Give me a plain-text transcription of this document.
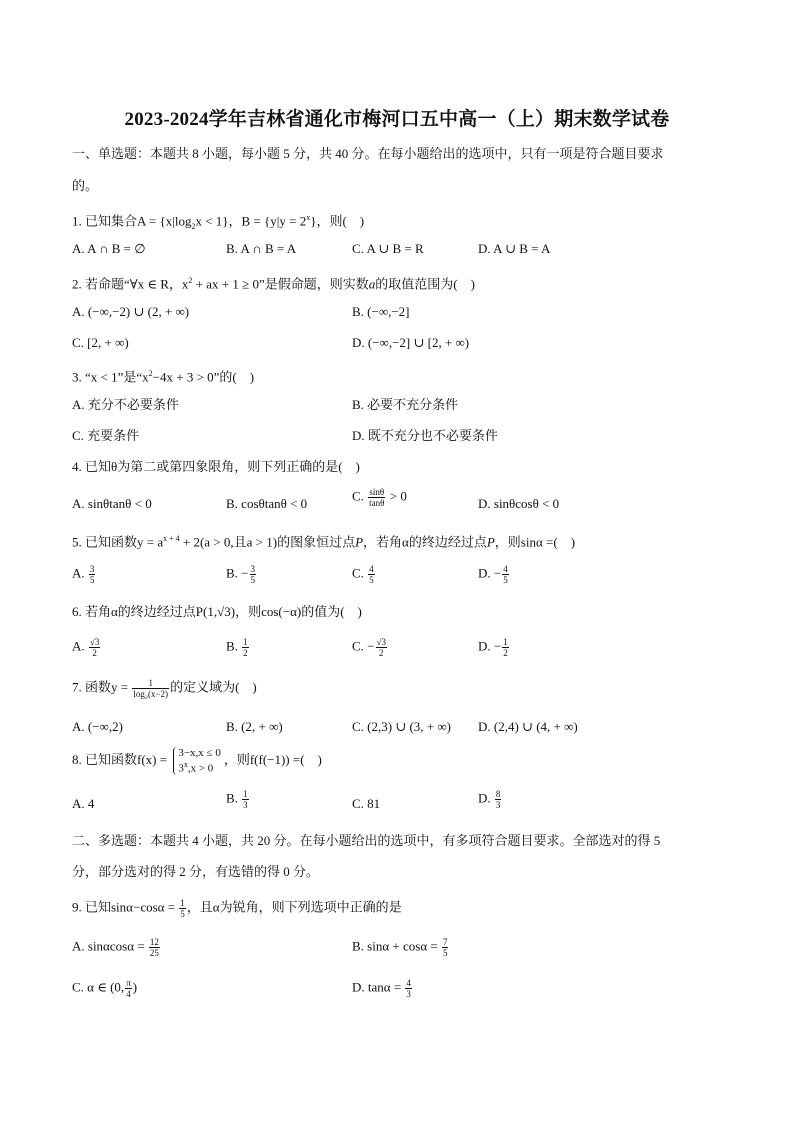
2023-2024学年吉林省通化市梅河口五中高一（上）期末数学试卷
一、单选题：本题共 8 小题，每小题 5 分，共 40 分。在每小题给出的选项中，只有一项是符合题目要求
的。
1. 已知集合$A = \{x|\log_2x < 1\}$，$B = \{y|y = 2^x\}$，则(　)
A. A ∩ B = ∅	B. A ∩ B = A	C. A ∪ B = R	D. A ∪ B = A
2. 若命题“∀x ∈ R，$x^2$ + ax + 1 ≥ 0”是假命题，则实数a的取值范围为(　)
A. (−∞,−2) ∪ (2, + ∞)	B. (−∞,−2]
C. [2, + ∞)	D. (−∞,−2] ∪ [2, + ∞)
3. “x < 1”是“$x^2-4x + 3 > 0$”的(　)
A. 充分不必要条件	B. 必要不充分条件
C. 充要条件	D. 既不充分也不必要条件
4. 已知θ为第二或第四象限角，则下列正确的是(　)
A. sinθtanθ < 0	B. cosθtanθ < 0
C. $\frac{\sin\theta}{\tan\theta} > 0$
D. sinθcosθ < 0
5. 已知函数$y = a^{x + 4} + 2(a > 0$,且a > 1)的图象恒过点P，若角α的终边经过点P，则sinα =(　)
A. $\frac{3}{5}$	B. − $\frac{3}{5}$	C. $\frac{4}{5}$	D. − $\frac{4}{5}$
6. 若角α的终边经过点P(1,√3)，则cos(−α)的值为(　)
A. $\frac{√3}{2}$	B. $\frac{1}{2}$	C. − $\frac{√3}{2}$	D. − $\frac{1}{2}$
7. 函数$y = \frac{1}{\text{log₂(x−2)}}$ 的定义域为(　)
A. (−∞,2)	B. (2, + ∞)	C. (2,3) ∪ (3, + ∞) D. (2,4) ∪ (4, + ∞)
8. 已知函数f(x) = 3−x,x ≤ 0
$3^x,x > 0$
，则f(f(−1)) =(　)
A. 4	B. $\frac{1}{3}$	C. 81	D. $\frac{8}{3}$
二、多选题：本题共 4 小题，共 20 分。在每小题给出的选项中，有多项符合题目要求。全部选对的得 5
分，部分选对的得 2 分，有选错的得 0 分。
9. 已知$\sin\alpha-\cos\alpha = \frac{1}{5}$ ，且α为锐角，则下列选项中正确的是
A. $\sin\alpha\cos\alpha = \frac{12}{25}$	B. $\sin\alpha + \cos\alpha = \frac{7}{5}$
C. α ∈ (0, $\frac{\pi}{4}$ )	D. $\tan\alpha = \frac{4}{3}$
